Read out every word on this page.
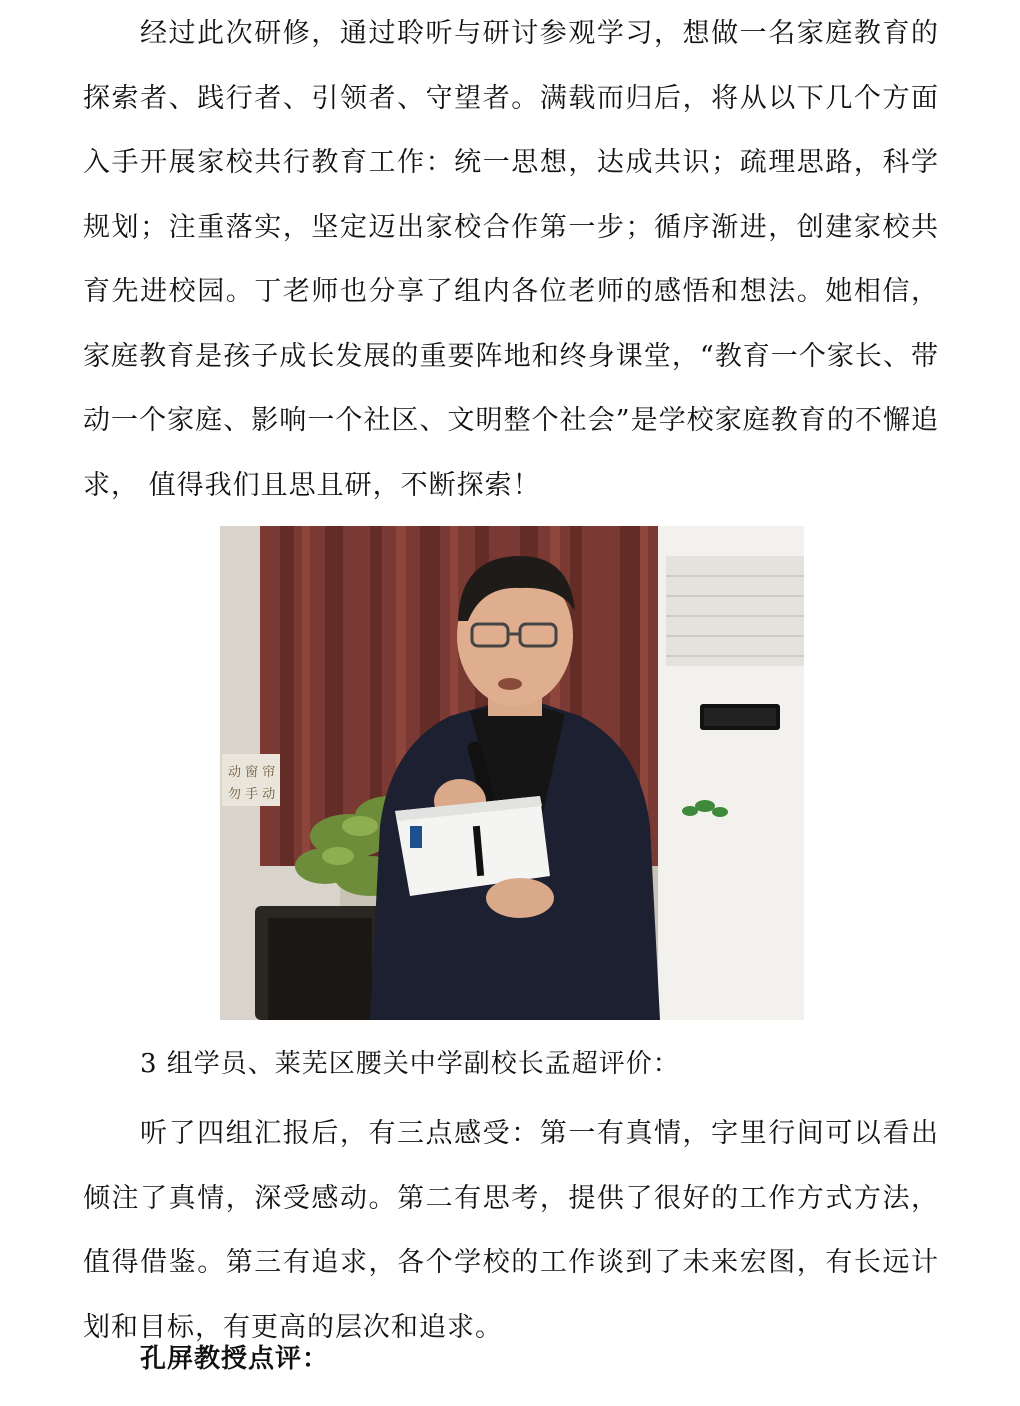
经过此次研修，通过聆听与研讨参观学习，想做一名家庭教育的探索者、践行者、引领者、守望者。满载而归后，将从以下几个方面入手开展家校共行教育工作：统一思想，达成共识；疏理思路，科学规划；注重落实，坚定迈出家校合作第一步；循序渐进，创建家校共育先进校园。丁老师也分享了组内各位老师的感悟和想法。她相信，家庭教育是孩子成长发展的重要阵地和终身课堂，“教育一个家长、带动一个家庭、影响一个社区、文明整个社会”是学校家庭教育的不懈追求， 值得我们且思且研，不断探索！

动 窗 帘
勿 手 动

3 组学员、莱芜区腰关中学副校长孟超评价：

听了四组汇报后，有三点感受：第一有真情，字里行间可以看出倾注了真情，深受感动。第二有思考，提供了很好的工作方式方法，值得借鉴。第三有追求，各个学校的工作谈到了未来宏图，有长远计划和目标，有更高的层次和追求。

孔屏教授点评：
